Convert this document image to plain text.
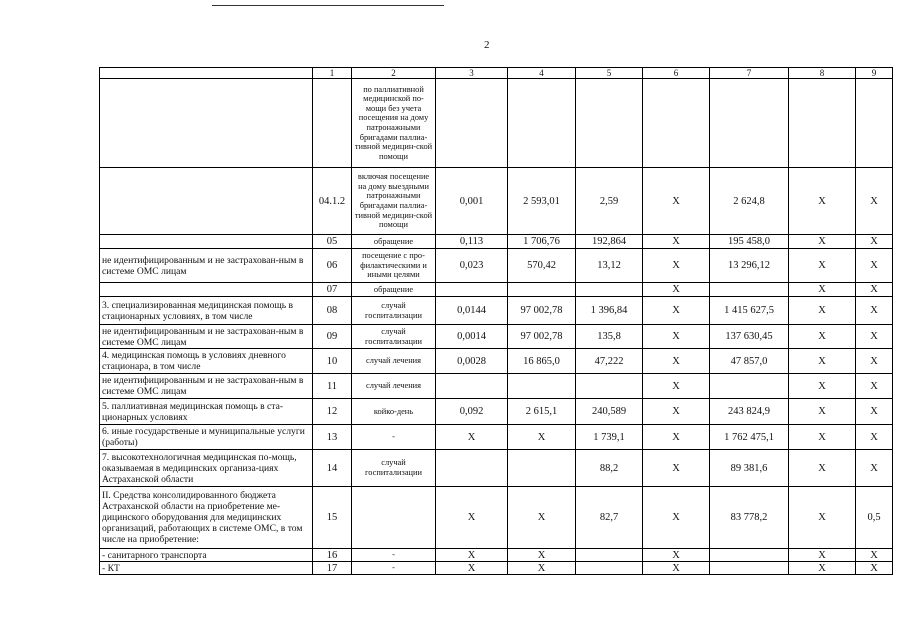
2
	1	2	3	4	5	6	7	8	9
		по паллиативной медицинской по-мощи без учета посещения на дому патронажными бригадами паллиа-тивной медицин-ской помощи							
	04.1.2	включая посещение на дому выездными патронажными бригадами паллиа-тивной медицин-ской помощи	0,001	2 593,01	2,59	X	2 624,8	X	X
	05	обращение	0,113	1 706,76	192,864	X	195 458,0	X	X
не идентифицированным и не застрахован-ным в системе ОМС лицам	06	посещение с про-филактическими и иными целями	0,023	570,42	13,12	X	13 296,12	X	X
	07	обращение				X		X	X
3. специализированная медицинская помощь в стационарных условиях, в том числе	08	случай госпитализации	0,0144	97 002,78	1 396,84	X	1 415 627,5	X	X
не идентифицированным и не застрахован-ным в системе ОМС лицам	09	случай госпитализации	0,0014	97 002,78	135,8	X	137 630,45	X	X
4. медицинская помощь в условиях дневного стационара, в том числе	10	случай лечения	0,0028	16 865,0	47,222	X	47 857,0	X	X
не идентифицированным и не застрахован-ным в системе ОМС лицам	11	случай лечения				X		X	X
5. паллиативная медицинская помощь в ста-ционарных условиях	12	койко-день	0,092	2 615,1	240,589	X	243 824,9	X	X
6. иные государственые и муниципальные услуги (работы)	13	-	X	X	1 739,1	X	1 762 475,1	X	X
7. высокотехнологичная медицинская по-мощь, оказываемая в медицинских организа-циях Астраханской области	14	случай госпитализации			88,2	X	89 381,6	X	X
II. Средства консолидированного бюджета Астраханской области на приобретение ме-дицинского оборудования для медицинских организаций, работающих в системе ОМС, в том числе на приобретение:	15		X	X	82,7	X	83 778,2	X	0,5
- санитарного транспорта	16	-	X	X		X		X	X
- КТ	17	-	X	X		X		X	X
